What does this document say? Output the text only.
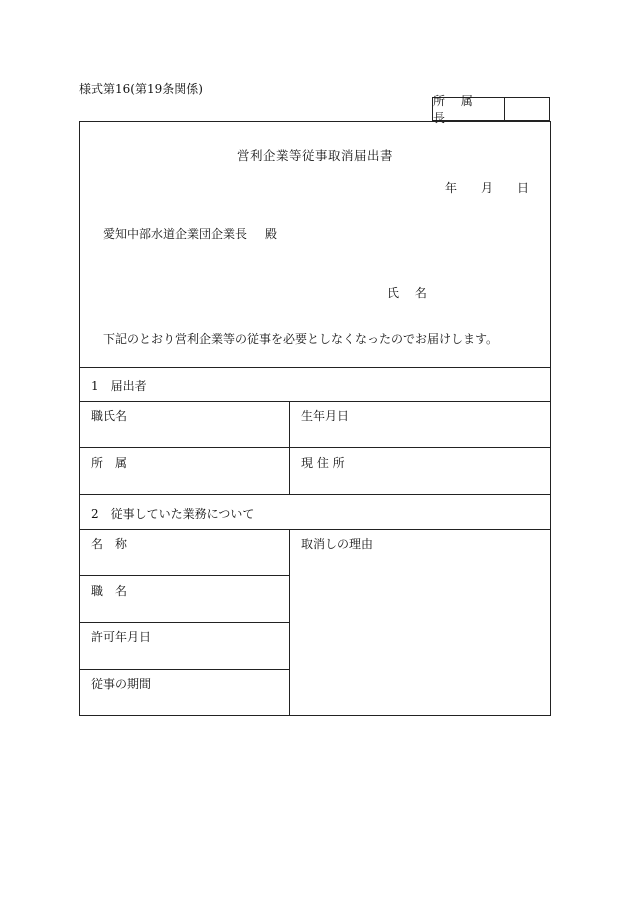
様式第16(第19条関係)
所 属 長
営利企業等従事取消届出書
年 月 日
愛知中部水道企業団企業長 殿
氏 名
下記のとおり営利企業等の従事を必要としなくなったのでお届けします。
1　届出者
職氏名	生年月日
所　属	現 住 所
2　従事していた業務について
名　称	取消しの理由
職　名
許可年月日
従事の期間
